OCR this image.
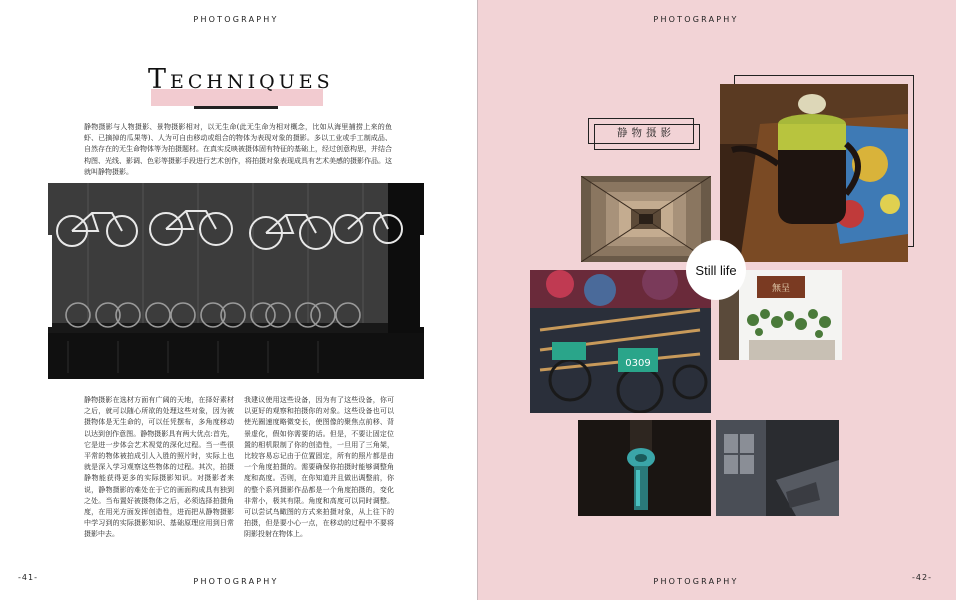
PHOTOGRAPHY
Techniques
静物摄影与人物摄影、景物摄影相对，以无生命(此无生命为相对概念，比如从海里捕捞上来的鱼虾、已摘掉的瓜果等)、人为可自由移动或组合的物体为表现对象的摄影。多以工业或手工制成品、自然存在的无生命物体等为拍摄题材。在真实反映被摄体固有特征的基础上，经过创意构思，并结合构图、光线、影调、色彩等摄影手段进行艺术创作，将拍摄对象表现成具有艺术美感的摄影作品。这就叫静物摄影。
静物摄影在选材方面有广阔的天地，在择好素材之后，就可以随心所欲的处理这些对象，因为被摄物体是无生命的，可以任凭摆布，多角度移动以达到创作意图。静物摄影具有两大优点:首先，它是进一步体会艺术视觉的深化过程。当一些很平常的物体被拍成引人入胜的照片时，实际上也就是深入学习观察这些物体的过程。其次，拍摄静物能获得更多的实际摄影知识。对摄影者来说，静物摄影的难处在于它的画面构成具有独到之处。当布置好被摄物体之后，必须选择拍摄角度，在用光方面发挥创造性，进而把从静物摄影中学习到的实际摄影知识、基础原理应用到日常摄影中去。
我建议使用这些设备，因为有了这些设备，你可以更好的观察和拍摄你的对象。这些设备也可以使光圈速度略微变长，使图像的聚焦点前移、背景虚化，假如你需要的话。但是，不要让固定位置的相机限制了你的创造性，一旦用了三角架，比较容易忘记由于位置固定，所有的照片都是由一个角度拍摄的。需要确保你拍摄时能够调整角度和高度。否则，在你知道并且做出调整前，你的整个系列摄影作品都是一个角度拍摄的，变化非常小，极其有限。角度和高度可以同时调整。可以尝试鸟瞰图的方式来拍摄对象，从上往下的拍摄，但是要小心一点，在移动的过程中不要将阴影投射在物体上。
-41-	PHOTOGRAPHY
PHOTOGRAPHY
静物摄影
0309
無呈
Still life
-42-
PHOTOGRAPHY
